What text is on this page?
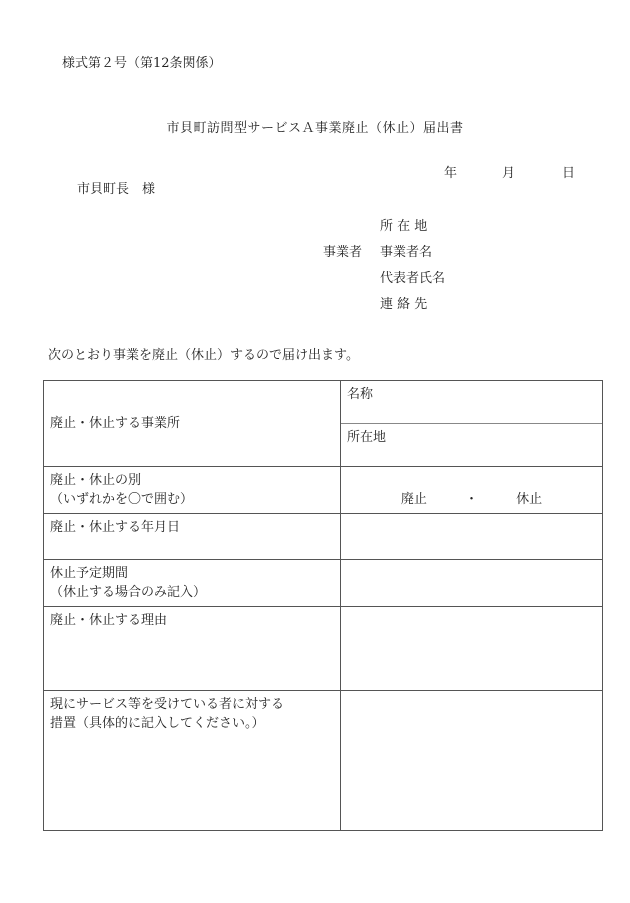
様式第２号（第12条関係）
市貝町訪問型サービスＡ事業廃止（休止）届出書
年	月	日
市貝町長　様
所 在 地
事業者 事業者名
代表者氏名
連 絡 先
次のとおり事業を廃止（休止）するので届け出ます。
廃止・休止する事業所	名称
所在地

廃止・休止の別
（いずれかを〇で囲む）	廃止 ・ 休止
廃止・休止する年月日	
休止予定期間
（休止する場合のみ記入）	
廃止・休止する理由	
現にサービス等を受けている者に対する
措置（具体的に記入してください。）	
